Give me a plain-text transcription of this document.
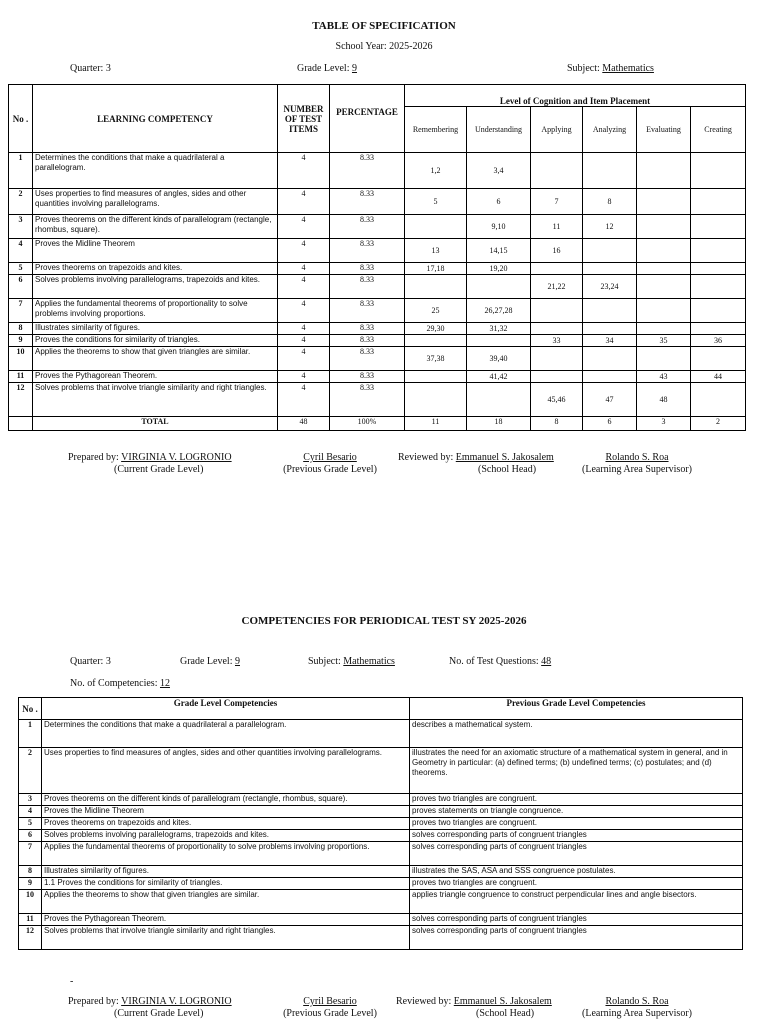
TABLE OF SPECIFICATION
School Year: 2025-2026
Quarter: 3	Grade Level: 9	Subject: Mathematics
No .	LEARNING COMPETENCY	NUMBER OF TEST ITEMS	PERCENTAGE	Level of Cognition and Item Placement					
				Remembering	Understanding	Applying	Analyzing	Evaluating	Creating
1	Determines the conditions that make a quadrilateral a parallelogram.	4	8.33	1,2	3,4				
2	Uses properties to find measures of angles, sides and other quantities involving parallelograms.	4	8.33	5	6	7	8		
3	Proves theorems on the different kinds of parallelogram (rectangle, rhombus, square).	4	8.33		9,10	11	12		
4	Proves the Midline Theorem	4	8.33	13	14,15	16			
5	Proves theorems on trapezoids and kites.	4	8.33	17,18	19,20				
6	Solves problems involving parallelograms, trapezoids and kites.	4	8.33			21,22	23,24		
7	Applies the fundamental theorems of proportionality to solve problems involving proportions.	4	8.33	25	26,27,28				
8	Illustrates similarity of figures.	4	8.33	29,30	31,32				
9	Proves the conditions for similarity of triangles.	4	8.33			33	34	35	36
10	Applies the theorems to show that given triangles are similar.	4	8.33	37,38	39,40				
11	Proves the Pythagorean Theorem.	4	8.33		41,42			43	44
12	Solves problems that involve triangle similarity and right triangles.	4	8.33			45,46	47	48	
	TOTAL	48	100%	11	18	8	6	3	2
Prepared by: VIRGINIA V. LOGRONIO
(Current Grade Level)
Cyril Besario
(Previous Grade Level)
Reviewed by: Emmanuel S. Jakosalem
(School Head)
Rolando S. Roa
(Learning Area Supervisor)
COMPETENCIES FOR PERIODICAL TEST SY 2025-2026
Quarter: 3	Grade Level: 9	Subject: Mathematics	No. of Test Questions: 48
No. of Competencies: 12
No .	Grade Level Competencies	Previous Grade Level Competencies
1	Determines the conditions that make a quadrilateral a parallelogram.	describes a mathematical system.
2	Uses properties to find measures of angles, sides and other quantities involving parallelograms.	illustrates the need for an axiomatic structure of a mathematical system in general, and in Geometry in particular: (a) defined terms; (b) undefined terms; (c) postulates; and (d) theorems.
3	Proves theorems on the different kinds of parallelogram (rectangle, rhombus, square).	proves two triangles are congruent.
4	Proves the Midline Theorem	proves statements on triangle congruence.
5	Proves theorems on trapezoids and kites.	proves two triangles are congruent.
6	Solves problems involving parallelograms, trapezoids and kites.	solves corresponding parts of congruent triangles
7	Applies the fundamental theorems of proportionality to solve problems involving proportions.	solves corresponding parts of congruent triangles
8	Illustrates similarity of figures.	illustrates the SAS, ASA and SSS congruence postulates.
9	1.1 Proves the conditions for similarity of triangles.	proves two triangles are congruent.
10	Applies the theorems to show that given triangles are similar.	applies triangle congruence to construct perpendicular lines and angle bisectors.
11	Proves the Pythagorean Theorem.	solves corresponding parts of congruent triangles
12	Solves problems that involve triangle similarity and right triangles.	solves corresponding parts of congruent triangles
-
Prepared by: VIRGINIA V. LOGRONIO
(Current Grade Level)
Cyril Besario
(Previous Grade Level)
Reviewed by: Emmanuel S. Jakosalem
(School Head)
Rolando S. Roa
(Learning Area Supervisor)
